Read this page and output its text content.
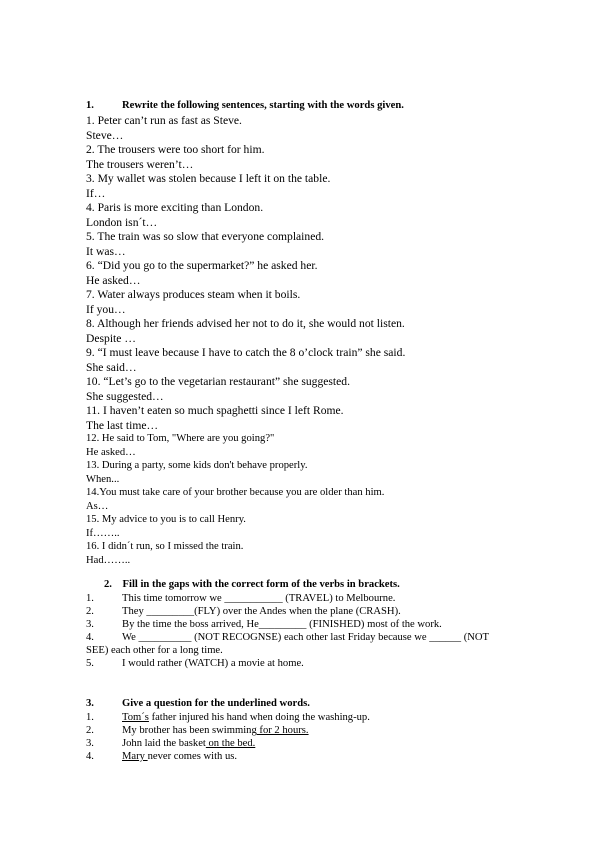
1.	Rewrite the following sentences, starting with the words given.
1. Peter can’t run as fast as Steve.
Steve…
2. The trousers were too short for him.
The trousers weren’t…
3. My wallet was stolen because I left it on the table.
If…
4. Paris is more exciting than London.
London isn´t…
5. The train was so slow that everyone complained.
It was…
6. “Did you go to the supermarket?” he asked her.
He asked…
7. Water always produces steam when it boils.
If you…
8. Although her friends advised her not to do it, she would not listen.
Despite …
9. “I must leave because I have to catch the 8 o’clock train” she said.
She said…
10. “Let’s go to the vegetarian restaurant” she suggested.
She suggested…
11. I haven’t eaten so much spaghetti since I left Rome.
The last time…
12. He said to Tom, "Where are you going?"
He asked…
13. During a party, some kids don't behave properly.
When...
14.You must take care of your brother because you are older than him.
As…
15. My advice to you is to call Henry.
If……..
16. I didn´t run, so I missed the train.
Had……..
2.    Fill in the gaps with the correct form of the verbs in brackets.
1.	This time tomorrow we ___________ (TRAVEL) to Melbourne.
2.	They _________(FLY) over the Andes when the plane (CRASH).
3.	By the time the boss arrived, He_________ (FINISHED) most of the work.
4.	We __________ (NOT RECOGNSE) each other last Friday because we ______ (NOT
SEE) each other for a long time.
5.	I would rather (WATCH) a movie at home.
3.	Give a question for the underlined words.
1.	Tom´s father injured his hand when doing the washing-up.
2.	My brother has been swimming for 2 hours.
3.	John laid the basket on the bed.
4.	Mary never comes with us.
